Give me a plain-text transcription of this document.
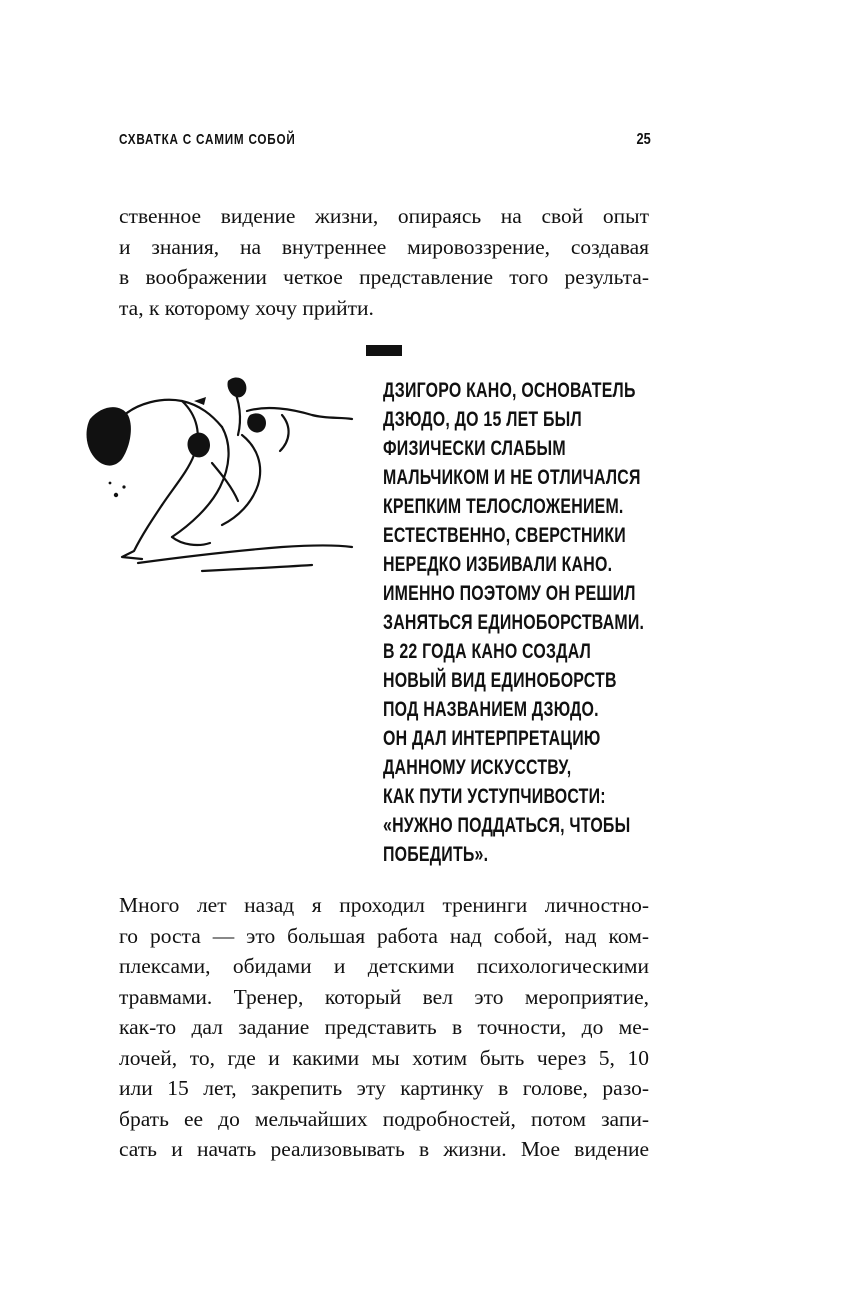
СХВАТКА С САМИМ СОБОЙ	25

ственное видение жизни, опираясь на свой опыт
и знания, на внутреннее мировоззрение, создавая
в воображении четкое представление того результа-
та, к которому хочу прийти.

ДЗИГОРО КАНО, ОСНОВАТЕЛЬ
ДЗЮДО, ДО 15 ЛЕТ БЫЛ
ФИЗИЧЕСКИ СЛАБЫМ
МАЛЬЧИКОМ И НЕ ОТЛИЧАЛСЯ
КРЕПКИМ ТЕЛОСЛОЖЕНИЕМ.
ЕСТЕСТВЕННО, СВЕРСТНИКИ
НЕРЕДКО ИЗБИВАЛИ КАНО.
ИМЕННО ПОЭТОМУ ОН РЕШИЛ
ЗАНЯТЬСЯ ЕДИНОБОРСТВАМИ.
В 22 ГОДА КАНО СОЗДАЛ
НОВЫЙ ВИД ЕДИНОБОРСТВ
ПОД НАЗВАНИЕМ ДЗЮДО.
ОН ДАЛ ИНТЕРПРЕТАЦИЮ
ДАННОМУ ИСКУССТВУ,
КАК ПУТИ УСТУПЧИВОСТИ:
«НУЖНО ПОДДАТЬСЯ, ЧТОБЫ
ПОБЕДИТЬ».

Много лет назад я проходил тренинги личностно-
го роста — это большая работа над собой, над ком-
плексами, обидами и детскими психологическими
травмами. Тренер, который вел это мероприятие,
как-то дал задание представить в точности, до ме-
лочей, то, где и какими мы хотим быть через 5, 10
или 15 лет, закрепить эту картинку в голове, разо-
брать ее до мельчайших подробностей, потом запи-
сать и начать реализовывать в жизни. Мое видение
